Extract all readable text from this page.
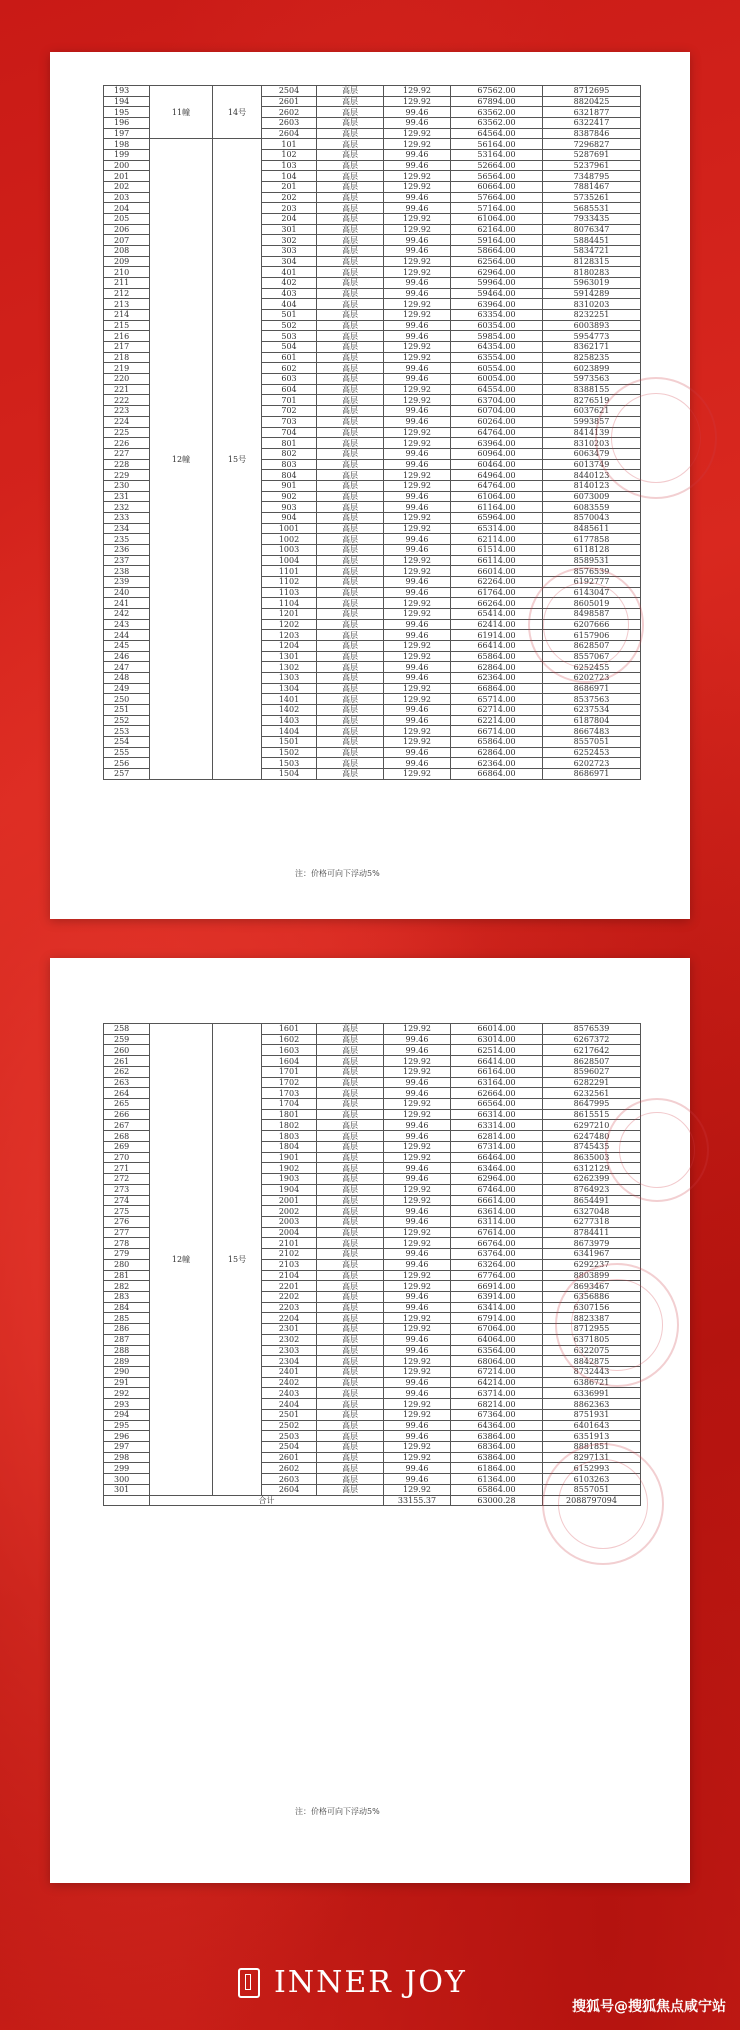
193	11幢	14号	2504	高层	129.92	67562.00	8712695
194			2601	高层	129.92	67894.00	8820425
195			2602	高层	99.46	63562.00	6321877
196			2603	高层	99.46	63562.00	6322417
197			2604	高层	129.92	64564.00	8387846
198	12幢	15号	101	高层	129.92	56164.00	7296827
199			102	高层	99.46	53164.00	5287691
200			103	高层	99.46	52664.00	5237961
201			104	高层	129.92	56564.00	7348795
202			201	高层	129.92	60664.00	7881467
203			202	高层	99.46	57664.00	5735261
204			203	高层	99.46	57164.00	5685531
205			204	高层	129.92	61064.00	7933435
206			301	高层	129.92	62164.00	8076347
207			302	高层	99.46	59164.00	5884451
208			303	高层	99.46	58664.00	5834721
209			304	高层	129.92	62564.00	8128315
210			401	高层	129.92	62964.00	8180283
211			402	高层	99.46	59964.00	5963019
212			403	高层	99.46	59464.00	5914289
213			404	高层	129.92	63964.00	8310203
214			501	高层	129.92	63354.00	8232251
215			502	高层	99.46	60354.00	6003893
216			503	高层	99.46	59854.00	5954773
217			504	高层	129.92	64354.00	8362171
218			601	高层	129.92	63554.00	8258235
219			602	高层	99.46	60554.00	6023899
220			603	高层	99.46	60054.00	5973563
221			604	高层	129.92	64554.00	8388155
222			701	高层	129.92	63704.00	8276519
223			702	高层	99.46	60704.00	6037621
224			703	高层	99.46	60264.00	5993857
225			704	高层	129.92	64764.00	8414139
226			801	高层	129.92	63964.00	8310203
227			802	高层	99.46	60964.00	6063479
228			803	高层	99.46	60464.00	6013749
229			804	高层	129.92	64964.00	8440123
230			901	高层	129.92	64764.00	8140123
231			902	高层	99.46	61064.00	6073009
232			903	高层	99.46	61164.00	6083559
233			904	高层	129.92	65964.00	8570043
234			1001	高层	129.92	65314.00	8485611
235			1002	高层	99.46	62114.00	6177858
236			1003	高层	99.46	61514.00	6118128
237			1004	高层	129.92	66114.00	8589531
238			1101	高层	129.92	66014.00	8576539
239			1102	高层	99.46	62264.00	6192777
240			1103	高层	99.46	61764.00	6143047
241			1104	高层	129.92	66264.00	8605019
242			1201	高层	129.92	65414.00	8498587
243			1202	高层	99.46	62414.00	6207666
244			1203	高层	99.46	61914.00	6157906
245			1204	高层	129.92	66414.00	8628507
246			1301	高层	129.92	65864.00	8557067
247			1302	高层	99.46	62864.00	6252455
248			1303	高层	99.46	62364.00	6202723
249			1304	高层	129.92	66864.00	8686971
250			1401	高层	129.92	65714.00	8537563
251			1402	高层	99.46	62714.00	6237534
252			1403	高层	99.46	62214.00	6187804
253			1404	高层	129.92	66714.00	8667483
254			1501	高层	129.92	65864.00	8557051
255			1502	高层	99.46	62864.00	6252453
256			1503	高层	99.46	62364.00	6202723
257			1504	高层	129.92	66864.00	8686971
注：价格可向下浮动5%
258	12幢	15号	1601	高层	129.92	66014.00	8576539
259			1602	高层	99.46	63014.00	6267372
260			1603	高层	99.46	62514.00	6217642
261			1604	高层	129.92	66414.00	8628507
262			1701	高层	129.92	66164.00	8596027
263			1702	高层	99.46	63164.00	6282291
264			1703	高层	99.46	62664.00	6232561
265			1704	高层	129.92	66564.00	8647995
266			1801	高层	129.92	66314.00	8615515
267			1802	高层	99.46	63314.00	6297210
268			1803	高层	99.46	62814.00	6247480
269			1804	高层	129.92	67314.00	8745435
270			1901	高层	129.92	66464.00	8635003
271			1902	高层	99.46	63464.00	6312129
272			1903	高层	99.46	62964.00	6262399
273			1904	高层	129.92	67464.00	8764923
274			2001	高层	129.92	66614.00	8654491
275			2002	高层	99.46	63614.00	6327048
276			2003	高层	99.46	63114.00	6277318
277			2004	高层	129.92	67614.00	8784411
278			2101	高层	129.92	66764.00	8673979
279			2102	高层	99.46	63764.00	6341967
280			2103	高层	99.46	63264.00	6292237
281			2104	高层	129.92	67764.00	8803899
282			2201	高层	129.92	66914.00	8693467
283			2202	高层	99.46	63914.00	6356886
284			2203	高层	99.46	63414.00	6307156
285			2204	高层	129.92	67914.00	8823387
286			2301	高层	129.92	67064.00	8712955
287			2302	高层	99.46	64064.00	6371805
288			2303	高层	99.46	63564.00	6322075
289			2304	高层	129.92	68064.00	8842875
290			2401	高层	129.92	67214.00	8732443
291			2402	高层	99.46	64214.00	6386721
292			2403	高层	99.46	63714.00	6336991
293			2404	高层	129.92	68214.00	8862363
294			2501	高层	129.92	67364.00	8751931
295			2502	高层	99.46	64364.00	6401643
296			2503	高层	99.46	63864.00	6351913
297			2504	高层	129.92	68364.00	8881851
298			2601	高层	129.92	63864.00	8297131
299			2602	高层	99.46	61864.00	6152993
300			2603	高层	99.46	61364.00	6103263
301			2604	高层	129.92	65864.00	8557051
	合计				33155.37	63000.28	2088797094
注：价格可向下浮动5%
INNER JOY
搜狐号@搜狐焦点咸宁站
